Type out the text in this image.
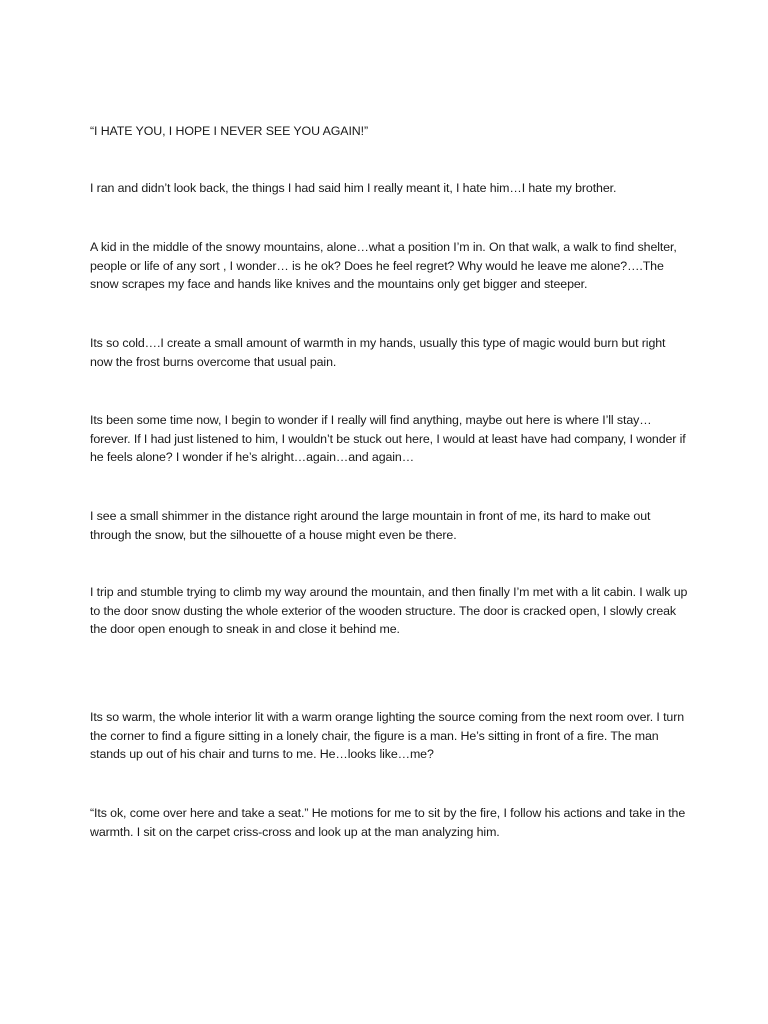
“I HATE YOU, I HOPE I NEVER SEE YOU AGAIN!”

I ran and didn’t look back, the things I had said him I really meant it, I hate him…I hate my brother.

A kid in the middle of the snowy mountains, alone…what a position I’m in. On that walk, a walk to find shelter, people or life of any sort , I wonder… is he ok? Does he feel regret? Why would he leave me alone?….The snow scrapes my face and hands like knives and the mountains only get bigger and steeper.

Its so cold….I create a small amount of warmth in my hands, usually this type of magic would burn but right now the frost burns overcome that usual pain.

Its been some time now, I begin to wonder if I really will find anything, maybe out here is where I’ll stay… forever. If I had just listened to him, I wouldn’t be stuck out here, I would at least have had company, I wonder if he feels alone? I wonder if he’s alright…again…and again…

I see a small shimmer in the distance right around the large mountain in front of me, its hard to make out through the snow, but the silhouette of a house might even be there.

I trip and stumble trying to climb my way around the mountain, and then finally I’m met with a lit cabin. I walk up to the door snow dusting the whole exterior of the wooden structure. The door is cracked open, I slowly creak the door open enough to sneak in and close it behind me.

Its so warm, the whole interior lit with a warm orange lighting the source coming from the next room over. I turn the corner to find a figure sitting in a lonely chair, the figure is a man. He’s sitting in front of a fire. The man stands up out of his chair and turns to me. He…looks like…me?

“Its ok, come over here and take a seat.” He motions for me to sit by the fire, I follow his actions and take in the warmth. I sit on the carpet criss-cross and look up at the man analyzing him.
